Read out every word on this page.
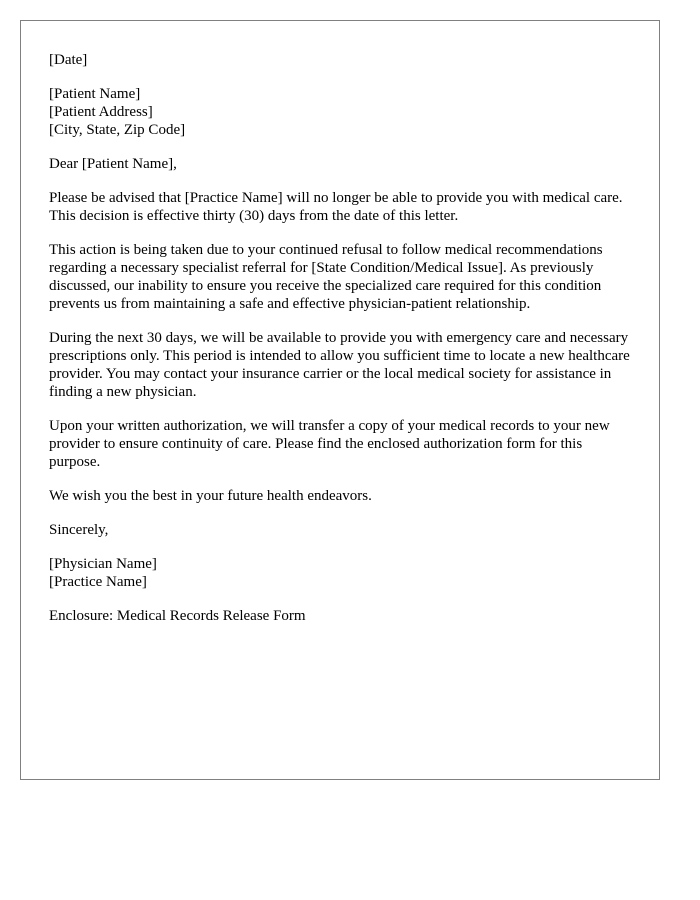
[Date]

[Patient Name]
[Patient Address]
[City, State, Zip Code]

Dear [Patient Name],

Please be advised that [Practice Name] will no longer be able to provide you with medical care. This decision is effective thirty (30) days from the date of this letter.

This action is being taken due to your continued refusal to follow medical recommendations regarding a necessary specialist referral for [State Condition/Medical Issue]. As previously discussed, our inability to ensure you receive the specialized care required for this condition prevents us from maintaining a safe and effective physician-patient relationship.

During the next 30 days, we will be available to provide you with emergency care and necessary prescriptions only. This period is intended to allow you sufficient time to locate a new healthcare provider. You may contact your insurance carrier or the local medical society for assistance in finding a new physician.

Upon your written authorization, we will transfer a copy of your medical records to your new provider to ensure continuity of care. Please find the enclosed authorization form for this purpose.

We wish you the best in your future health endeavors.

Sincerely,

[Physician Name]
[Practice Name]

Enclosure: Medical Records Release Form
